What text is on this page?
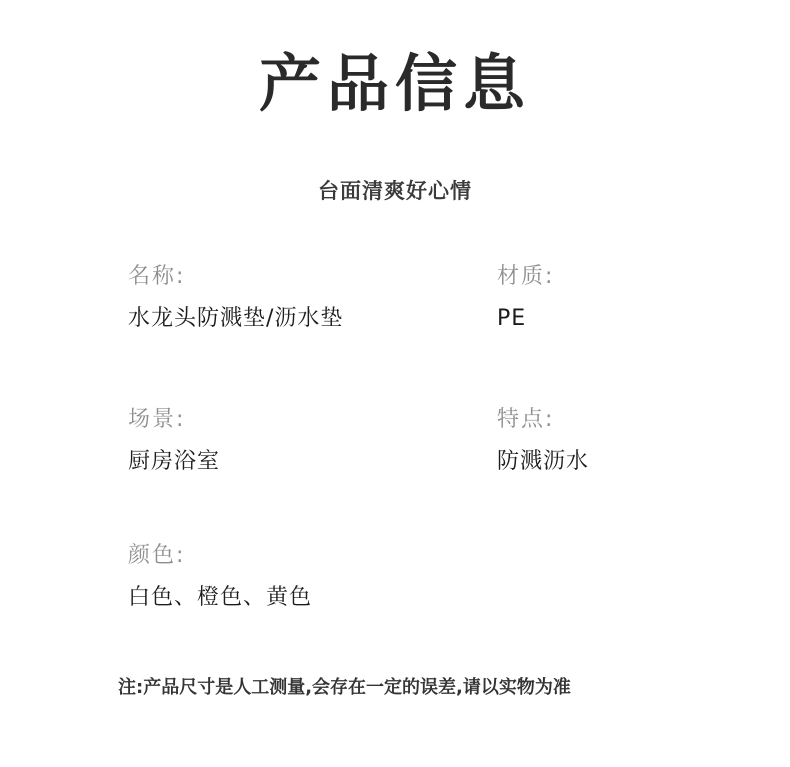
产品信息
台面清爽好心情
名称:
水龙头防溅垫/沥水垫
材质:
PE
场景:
厨房浴室
特点:
防溅沥水
颜色:
白色、橙色、黄色
注:产品尺寸是人工测量,会存在一定的误差,请以实物为准
